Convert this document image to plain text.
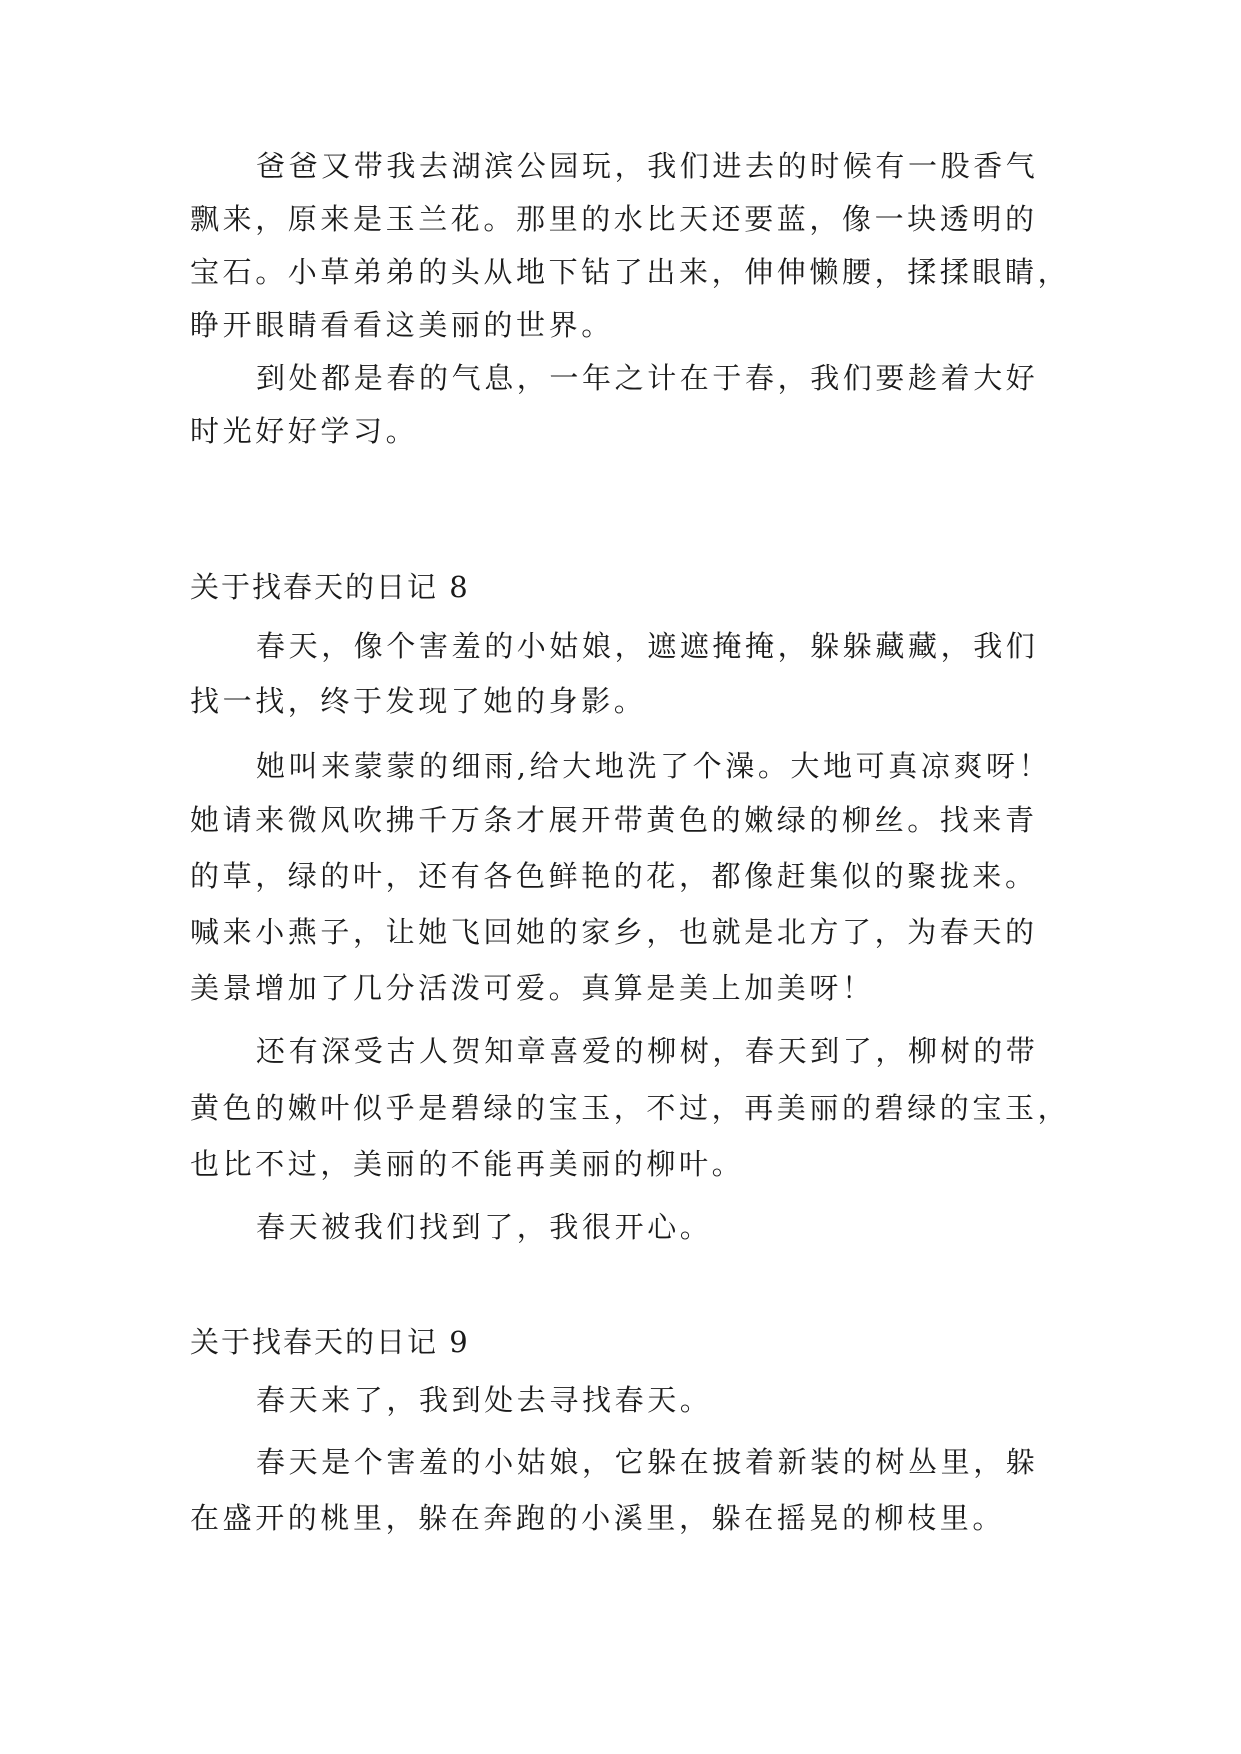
爸爸又带我去湖滨公园玩，我们进去的时候有一股香气
飘来，原来是玉兰花。那里的水比天还要蓝，像一块透明的
宝石。小草弟弟的头从地下钻了出来，伸伸懒腰，揉揉眼睛，
睁开眼睛看看这美丽的世界。
到处都是春的气息，一年之计在于春，我们要趁着大好
时光好好学习。
关于找春天的日记 8
春天，像个害羞的小姑娘，遮遮掩掩，躲躲藏藏，我们
找一找，终于发现了她的身影。
她叫来蒙蒙的细雨,给大地洗了个澡。大地可真凉爽呀！
她请来微风吹拂千万条才展开带黄色的嫩绿的柳丝。找来青
的草，绿的叶，还有各色鲜艳的花，都像赶集似的聚拢来。
喊来小燕子，让她飞回她的家乡，也就是北方了，为春天的
美景增加了几分活泼可爱。真算是美上加美呀！
还有深受古人贺知章喜爱的柳树，春天到了，柳树的带
黄色的嫩叶似乎是碧绿的宝玉，不过，再美丽的碧绿的宝玉，
也比不过，美丽的不能再美丽的柳叶。
春天被我们找到了，我很开心。
关于找春天的日记 9
春天来了，我到处去寻找春天。
春天是个害羞的小姑娘，它躲在披着新装的树丛里，躲
在盛开的桃里，躲在奔跑的小溪里，躲在摇晃的柳枝里。
